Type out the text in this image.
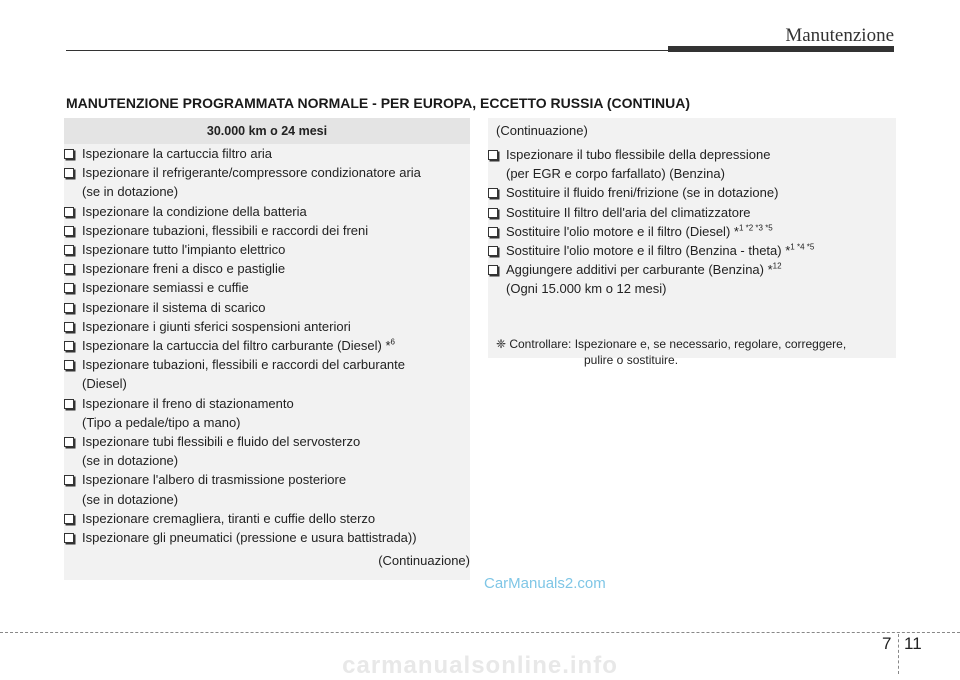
Manutenzione
MANUTENZIONE PROGRAMMATA NORMALE - PER EUROPA, ECCETTO RUSSIA (CONTINUA)
30.000 km o 24 mesi
Ispezionare la cartuccia filtro aria
Ispezionare il refrigerante/compressore condizionatore aria
(se in dotazione)
Ispezionare la condizione della batteria
Ispezionare tubazioni, flessibili e raccordi dei freni
Ispezionare tutto l'impianto elettrico
Ispezionare freni a disco e pastiglie
Ispezionare semiassi e cuffie
Ispezionare il sistema di scarico
Ispezionare i giunti sferici sospensioni anteriori
Ispezionare la cartuccia del filtro carburante (Diesel) *$^6$
Ispezionare tubazioni, flessibili e raccordi del carburante
(Diesel)
Ispezionare il freno di stazionamento
(Tipo a pedale/tipo a mano)
Ispezionare tubi flessibili e fluido del servosterzo
(se in dotazione)
Ispezionare l'albero di trasmissione posteriore
(se in dotazione)
Ispezionare cremagliera, tiranti e cuffie dello sterzo
Ispezionare gli pneumatici (pressione e usura battistrada))
(Continuazione)
(Continuazione)
Ispezionare il tubo flessibile della depressione
(per EGR e corpo farfallato) (Benzina)
Sostituire il fluido freni/frizione (se in dotazione)
Sostituire Il filtro dell'aria del climatizzatore
Sostituire l'olio motore e il filtro (Diesel) *$^{1 *2 *3 *5}$
Sostituire l'olio motore e il filtro (Benzina - theta) *$^{1 *4 *5}$
Aggiungere additivi per carburante (Benzina) *$^{12}$
(Ogni 15.000 km o 12 mesi)
❈ Controllare: Ispezionare e, se necessario, regolare, correggere,
pulire o sostituire.
CarManuals2.com
7 11
carmanualsonline.info
